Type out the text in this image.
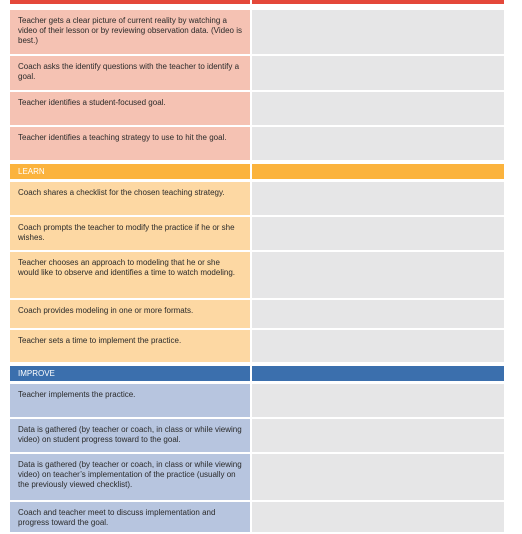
Teacher gets a clear picture of current reality by watching a video of their lesson or by reviewing observation data. (Video is best.)
Coach asks the identify questions with the teacher to identify a goal.
Teacher identifies a student-focused goal.
Teacher identifies a teaching strategy to use to hit the goal.
LEARN
Coach shares a checklist for the chosen teaching strategy.
Coach prompts the teacher to modify the practice if he or she wishes.
Teacher chooses an approach to modeling that he or she would like to observe and identifies a time to watch modeling.
Coach provides modeling in one or more formats.
Teacher sets a time to implement the practice.
IMPROVE
Teacher implements the practice.
Data is gathered (by teacher or coach, in class or while viewing video) on student progress toward to the goal.
Data is gathered (by teacher or coach, in class or while viewing video) on teacher’s implementation of the practice (usually on the previously viewed checklist).
Coach and teacher meet to discuss implementation and progress toward the goal.
